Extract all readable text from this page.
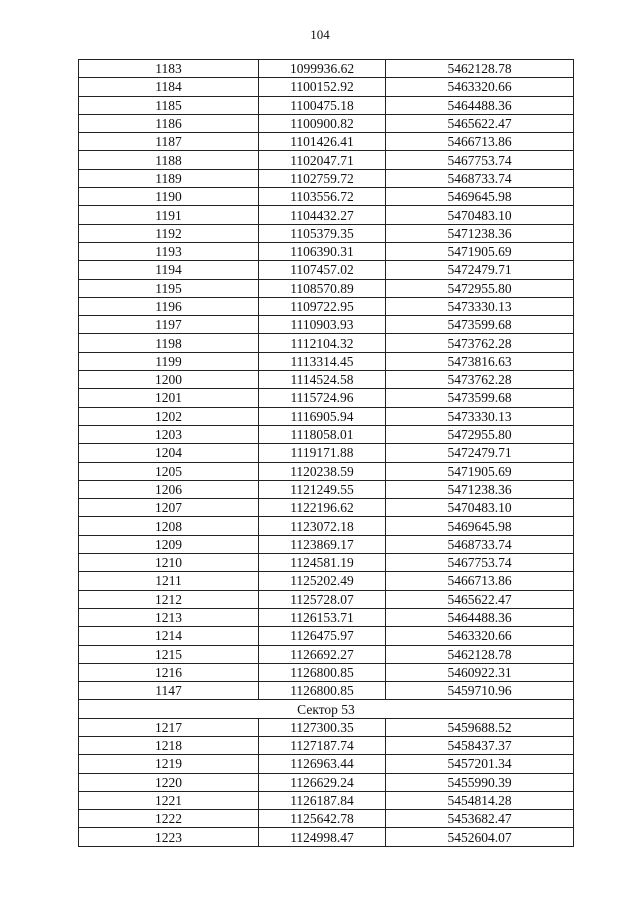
104
1183	1099936.62	5462128.78
1184	1100152.92	5463320.66
1185	1100475.18	5464488.36
1186	1100900.82	5465622.47
1187	1101426.41	5466713.86
1188	1102047.71	5467753.74
1189	1102759.72	5468733.74
1190	1103556.72	5469645.98
1191	1104432.27	5470483.10
1192	1105379.35	5471238.36
1193	1106390.31	5471905.69
1194	1107457.02	5472479.71
1195	1108570.89	5472955.80
1196	1109722.95	5473330.13
1197	1110903.93	5473599.68
1198	1112104.32	5473762.28
1199	1113314.45	5473816.63
1200	1114524.58	5473762.28
1201	1115724.96	5473599.68
1202	1116905.94	5473330.13
1203	1118058.01	5472955.80
1204	1119171.88	5472479.71
1205	1120238.59	5471905.69
1206	1121249.55	5471238.36
1207	1122196.62	5470483.10
1208	1123072.18	5469645.98
1209	1123869.17	5468733.74
1210	1124581.19	5467753.74
1211	1125202.49	5466713.86
1212	1125728.07	5465622.47
1213	1126153.71	5464488.36
1214	1126475.97	5463320.66
1215	1126692.27	5462128.78
1216	1126800.85	5460922.31
1147	1126800.85	5459710.96
Сектор 53		
1217	1127300.35	5459688.52
1218	1127187.74	5458437.37
1219	1126963.44	5457201.34
1220	1126629.24	5455990.39
1221	1126187.84	5454814.28
1222	1125642.78	5453682.47
1223	1124998.47	5452604.07
